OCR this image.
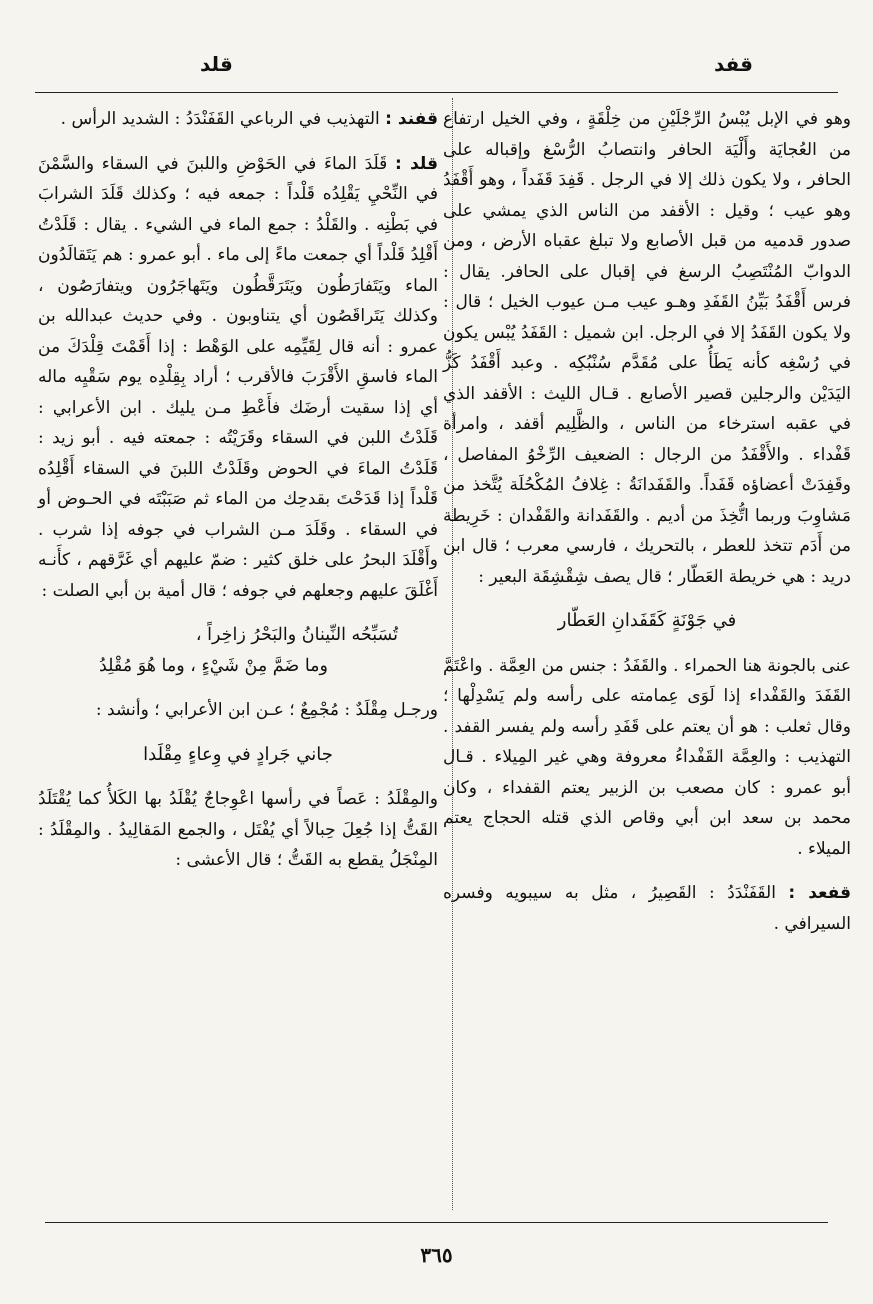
قفد
قلد

وهو في الإبل يُبْسُ الرِّجْلَيْنِ من خِلْقَةٍ ، وفي الخيل ارتفاع من العُجايَة وأَلْيَة الحافر وانتصابُ الرُّسْغ وإقباله على الحافر ، ولا يكون ذلك إلا في الرجل . قَفِدَ قَفَداً ، وهو أَقْفَدُ وهو عيب ؛ وقيل : الأقفد من الناس الذي يمشي على صدور قدميه من قبل الأصابع ولا تبلغ عقباه الأرض ، ومن الدوابّ المُنْتَصِبُ الرسغ في إقبال على الحافر. يقال : فرس أَقْفَدُ بَيِّنُ القَفَدِ وهـو عيب مـن عيوب الخيل ؛ قال : ولا يكون القَفَدُ إلا في الرجل. ابن شميل : القَفَدُ يُبْس يكون في رُسْغِه كأنه يَطَأُ على مُقَدَّم سُنْبُكِه . وعبد أَقْفَدُ كَزُّ اليَدَيْن والرجلين قصير الأصابع . قـال الليث : الأقفد الذي في عقبه استرخاء من الناس ، والظَّلِيم أقفد ، وامرأة قَفْداء . والأَقْفَدُ من الرجال : الضعيف الرِّخْوُ المفاصل ، وقَفِدَتْ أعضاؤه قَفَداً. والقَفَدانَةُ : غِلافُ المُكْحُلَة يُتَّخذ من مَشاوِبَ وربما اتُّخِذَ من أديم . والقَفَدانة والقَفْدان : خَرِيطة من أَدَم تتخذ للعطر ، بالتحريك ، فارسي معرب ؛ قال ابن دريد : هي خريطة العَطّار ؛ قال يصف شِقْشِقَة البعير :

في جَوْنَةٍ كَقَفَدانِ العَطّار

عنى بالجونة هنا الحمراء . والقَفَدُ : جنس من العِمَّة . واعْتَمَّ القَفَدَ والقَفْداء إذا لَوَى عِمامته على رأسه ولم يَسْدِلْها ؛ وقال ثعلب : هو أن يعتم على قَفَدِ رأسه ولم يفسر القفد . التهذيب : والعِمَّة القَفْداءُ معروفة وهي غير المِيلاء . قـال أبو عمرو : كان مصعب بن الزبير يعتم القفداء ، وكان محمد بن سعد ابن أبي وقاص الذي قتله الحجاج يعتم الميلاء .

قفعد : القَفَنْدَدُ : القَصِيرُ ، مثل به سيبويه وفسره السيرافي .

قفند : التهذيب في الرباعي القَفَنْدَدُ : الشديد الرأس .

قلد : قَلَدَ الماءَ في الحَوْضِ واللبنَ في السقاء والسَّمْنَ في النِّحْيِ يَقْلِدُه قَلْداً : جمعه فيه ؛ وكذلك قَلَدَ الشرابَ في بَطْنِه . والقَلْدُ : جمع الماء في الشيء . يقال : قَلَدْتُ أَقْلِدُ قَلْداً أي جمعت ماءً إلى ماء . أبو عمرو : هم يَتَقالَدُون الماء ويَتَفارَطُون ويَتَرَقَّطُون ويَتَهاجَرُون ويتفارَصُون ، وكذلك يَتَراقَصُون أي يتناوبون . وفي حديث عبدالله بن عمرو : أنه قال لِقَيِّمِه على الوَهْط : إذا أَقَمْتَ قِلْدَكَ من الماء فاسقِ الأَقْرَبَ فالأقرب ؛ أراد بِقِلْدِه يوم سَقْيِه ماله أي إذا سقيت أرضَك فأَعْطِ مـن يليك . ابن الأعرابي : قَلَدْتُ اللبن في السقاء وقَرَيْتُه : جمعته فيه . أبو زيد : قَلَدْتُ الماءَ في الحوض وقَلَدْتُ اللبنَ في السقاء أَقْلِدُه قَلْداً إذا قَدَحْتَ بقدحِك من الماء ثم صَبَبْتَه في الحـوض أو في السقاء . وقَلَدَ مـن الشراب في جوفه إذا شرب . وأَقْلَدَ البحرُ على خلق كثير : ضمّ عليهم أي غَرَّقهم ، كأَنـه أَغْلَقَ عليهم وجعلهم في جوفه ؛ قال أمية بن أبي الصلت :

تُسَبِّحُه النِّينانُ والبَحْرُ زاخِراً ،
وما ضَمَّ مِنْ شَيْءٍ ، وما هُوَ مُقْلِدُ

ورجـل مِقْلَدٌ : مُجْمِعٌ ؛ عـن ابن الأعرابي ؛ وأنشد :

جاني جَرادٍ في وِعاءٍ مِقْلَدا

والمِقْلَدُ : عَصاً في رأسها اعْوِجاجٌ يُقْلَدُ بها الكَلأُ كما يُقْتَلَدُ القَتُّ إذا جُعِلَ حِبالاً أي يُفْتَل ، والجمع المَقالِيدُ . والمِقْلَدُ : المِنْجَلُ يقطع به القَتُّ ؛ قال الأعشى :

٣٦٥
